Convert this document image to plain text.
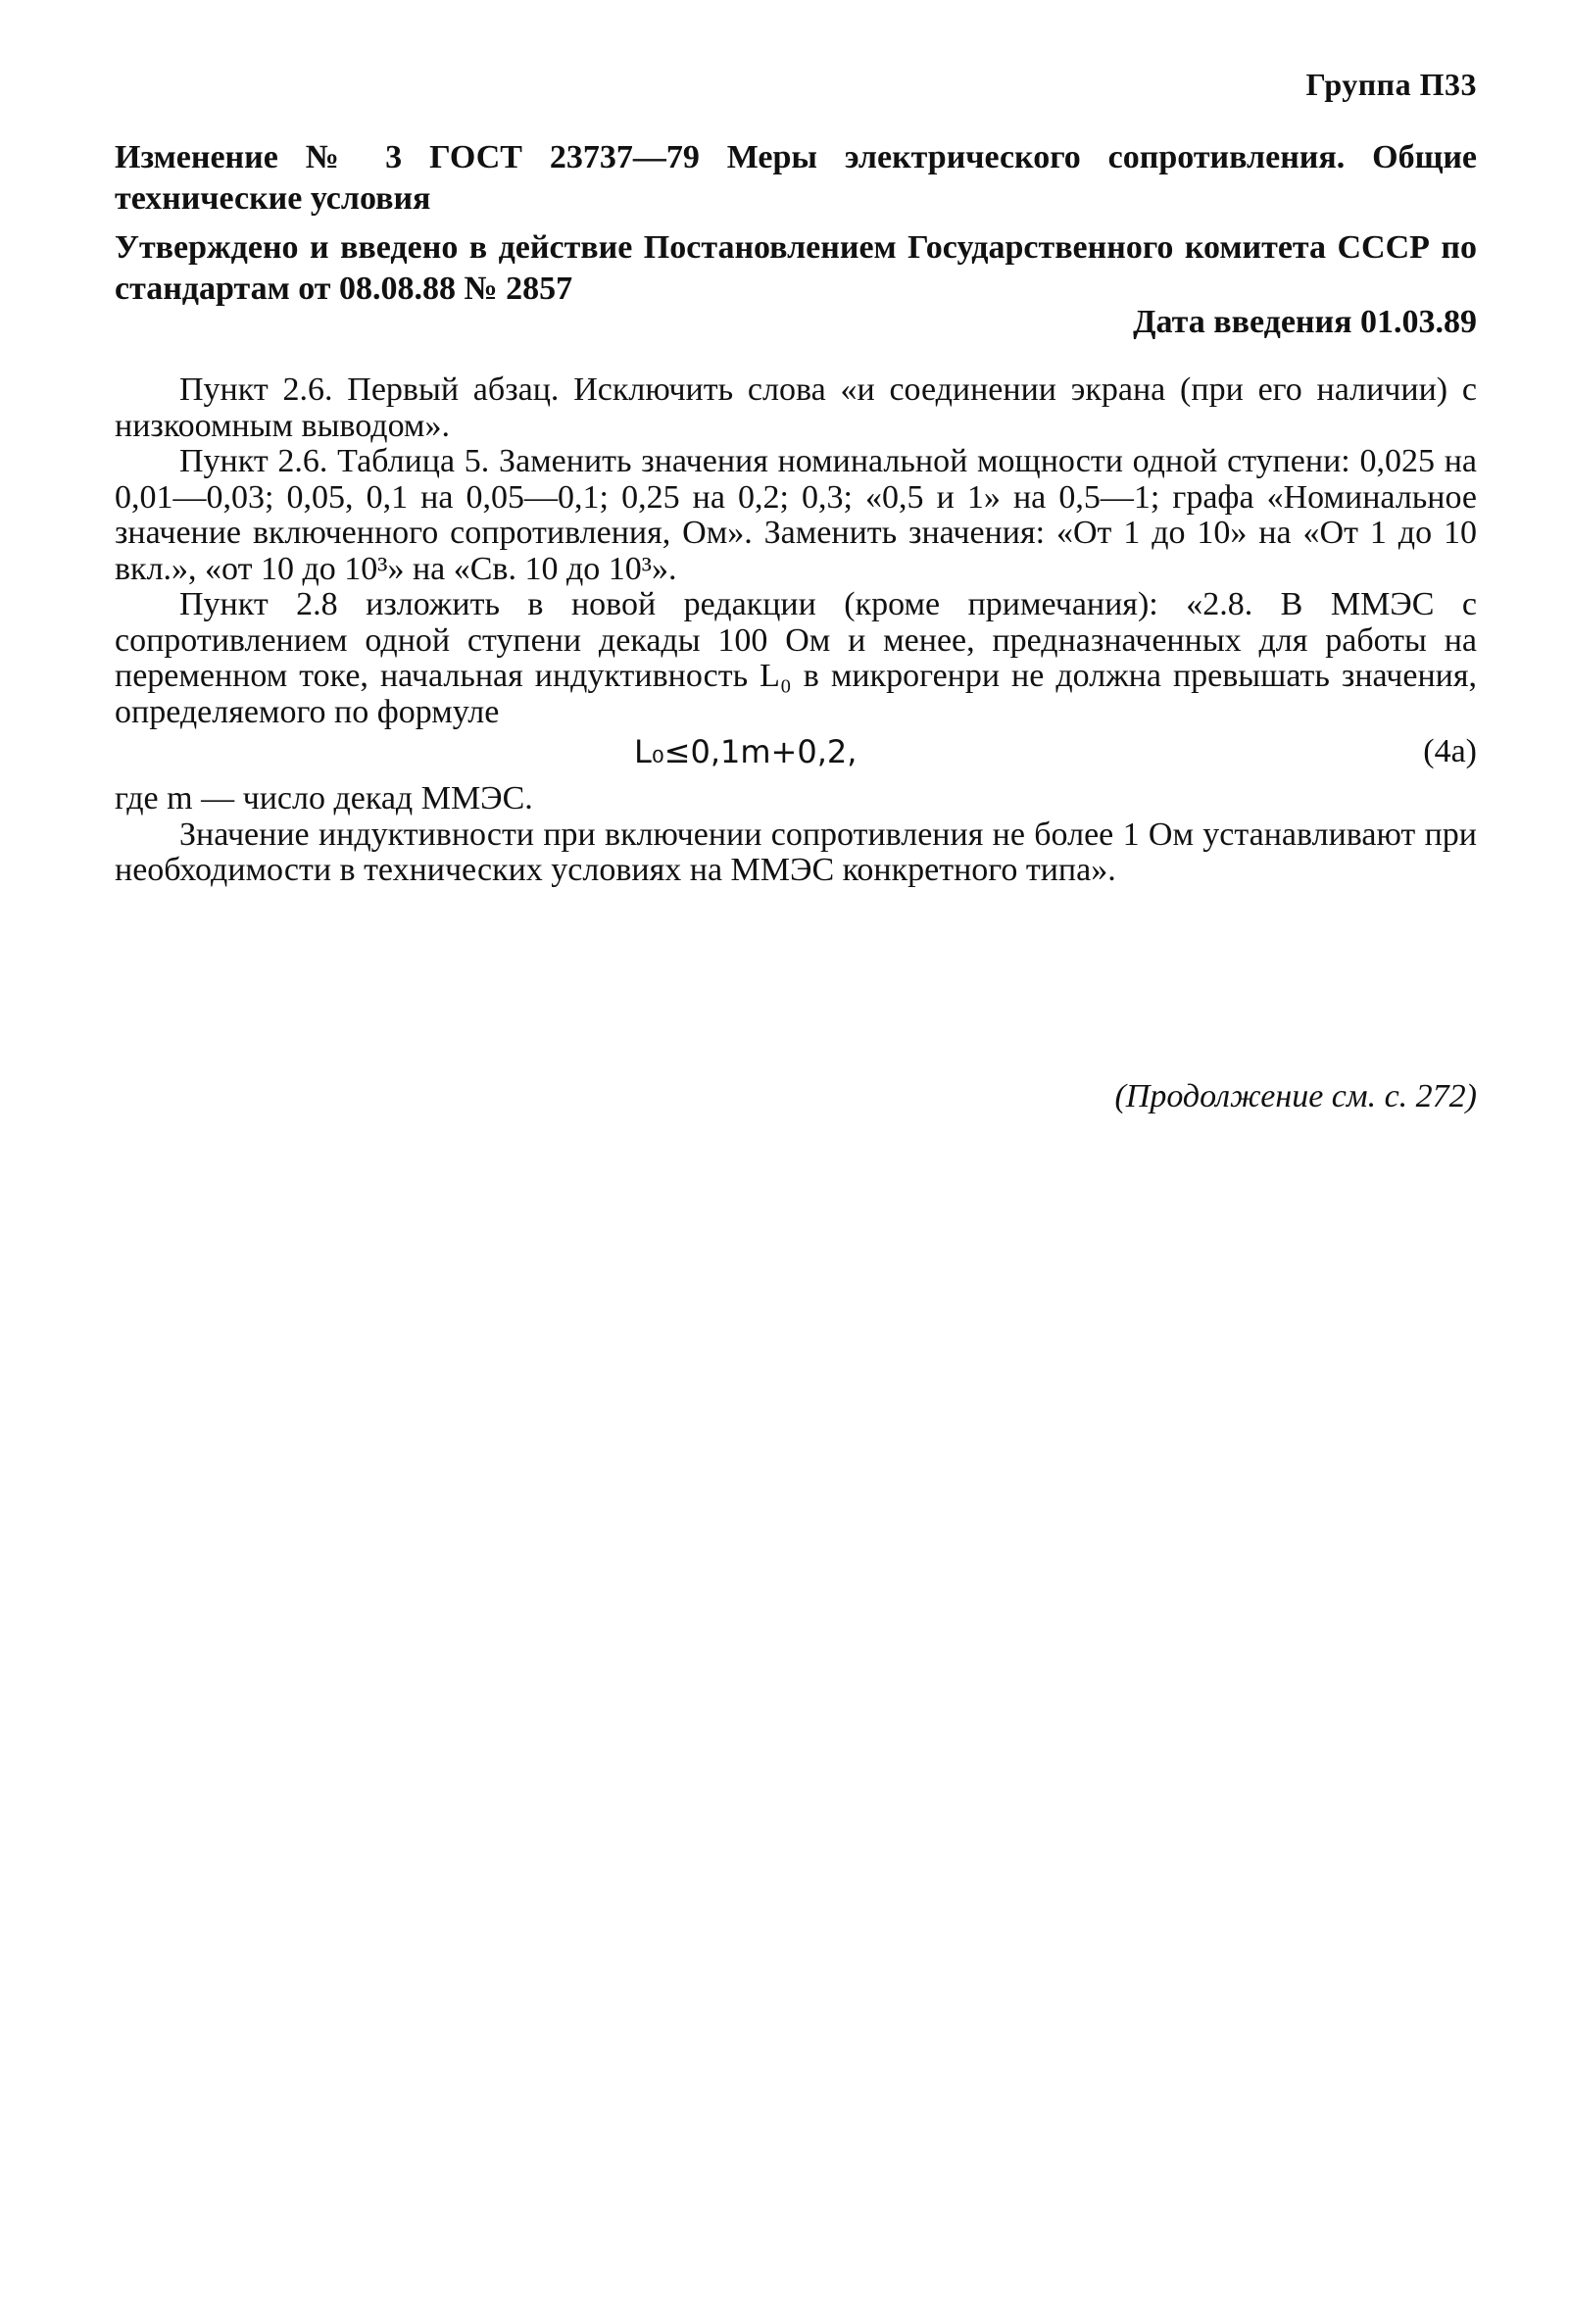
Группа П33
Изменение № 3 ГОСТ 23737—79 Меры электрического сопротивления. Общие технические условия
Утверждено и введено в действие Постановлением Государственного комитета СССР по стандартам от 08.08.88 № 2857
Дата введения 01.03.89

Пункт 2.6. Первый абзац. Исключить слова «и соединении экрана (при его наличии) с низкоомным выводом».

Пункт 2.6. Таблица 5. Заменить значения номинальной мощности одной ступени: 0,025 на 0,01—0,03; 0,05, 0,1 на 0,05—0,1; 0,25 на 0,2; 0,3; «0,5 и 1» на 0,5—1; графа «Номинальное значение включенного сопротивления, Ом». Заменить значения: «От 1 до 10» на «От 1 до 10 вкл.», «от 10 до 10³» на «Св. 10 до 10³».

Пункт 2.8 изложить в новой редакции (кроме примечания): «2.8. В ММЭС с сопротивлением одной ступени декады 100 Ом и менее, предназначенных для работы на переменном токе, начальная индуктивность L₀ в микрогенри не должна превышать значения, определяемого по формуле

L₀≤0,1m+0,2,	(4а)

где m — число декад ММЭС.

Значение индуктивности при включении сопротивления не более 1 Ом устанавливают при необходимости в технических условиях на ММЭС конкретного типа».

(Продолжение см. с. 272)
